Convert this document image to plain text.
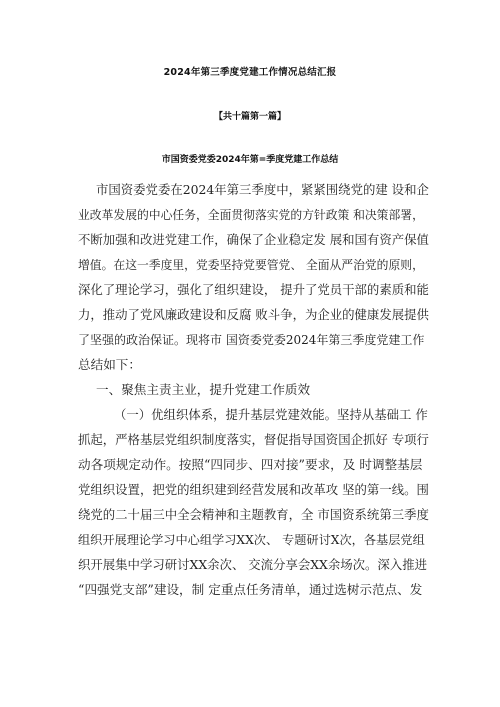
2024年第三季度党建工作情况总结汇报
【共十篇第一篇】
市国资委党委2024年第=季度党建工作总结
市国资委党委在2024年第三季度中，紧紧围绕党的建 设和企
业改革发展的中心任务，全面贯彻落实党的方针政策 和决策部署，
不断加强和改进党建工作，确保了企业稳定发 展和国有资产保值
增值。在这一季度里，党委坚持党要管党、 全面从严治党的原则，
深化了理论学习，强化了组织建设， 提升了党员干部的素质和能
力，推动了党风廉政建设和反腐 败斗争，为企业的健康发展提供
了坚强的政治保证。现将市 国资委党委2024年第三季度党建工作
总结如下：
一、聚焦主责主业，提升党建工作质效
（一）优组织体系，提升基层党建效能。坚持从基础工 作
抓起，严格基层党组织制度落实，督促指导国资国企抓好 专项行
动各项规定动作。按照“四同步、四对接”要求，及 时调整基层
党组织设置，把党的组织建到经营发展和改革攻 坚的第一线。围
绕党的二十届三中全会精神和主题教育，全 市国资系统第三季度
组织开展理论学习中心组学习XX次、 专题研讨X次，各基层党组
织开展集中学习研讨XX余次、 交流分享会XX余场次。深入推进
“四强党支部”建设，制 定重点任务清单，通过选树示范点、发
